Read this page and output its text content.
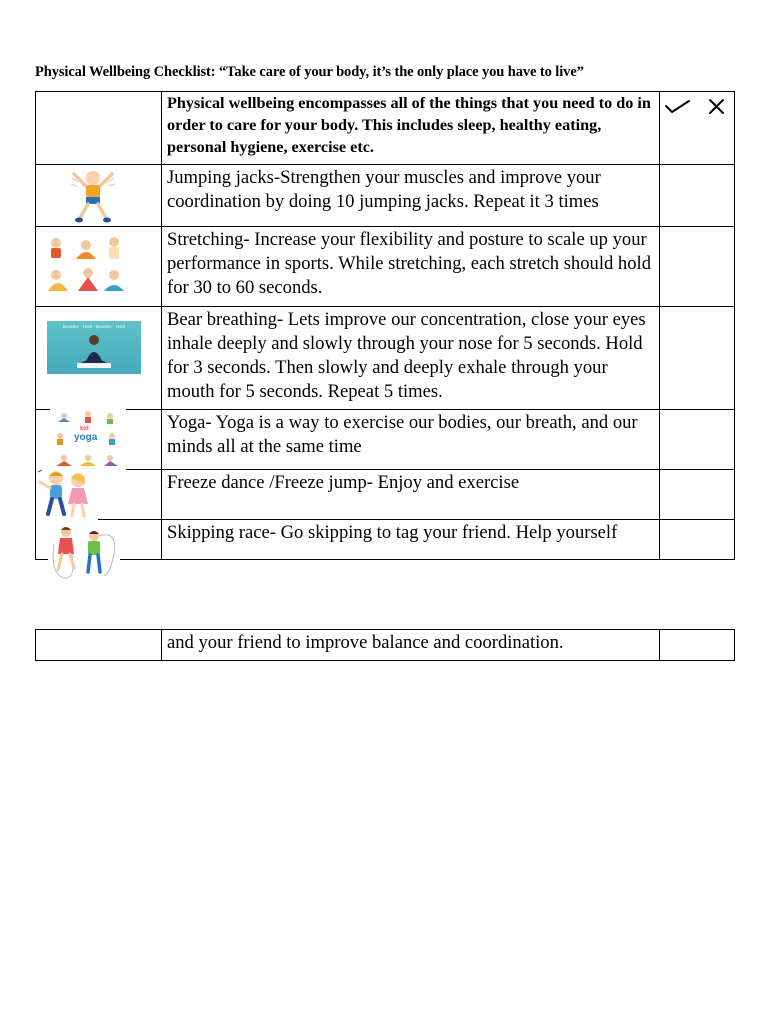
Physical Wellbeing Checklist: “Take care of your body, it’s the only place you have to live”
	Physical wellbeing encompasses all of the things that you need to do in order to care for your body. This includes sleep, healthy eating, personal hygiene, exercise etc.	

	Jumping jacks-Strengthen your muscles and improve your coordination by doing 10 jumping jacks. Repeat it 3 times	

	Stretching- Increase your flexibility and posture to scale up your performance in sports. While stretching, each stretch should hold for 30 to 60 seconds.	

Breathe · Hold · Breathe · Hold	Bear breathing- Lets improve our concentration, close your eyes inhale deeply and slowly through your nose for 5 seconds. Hold for 3 seconds. Then slowly and deeply exhale through your mouth for 5 seconds. Repeat 5 times.	

kid
yoga	Yoga- Yoga is a way to exercise our bodies, our breath, and our minds all at the same time	

	Freeze dance /Freeze jump- Enjoy and exercise	

	Skipping race- Go skipping to tag your friend. Help yourself	
	and your friend to improve balance and coordination.	
